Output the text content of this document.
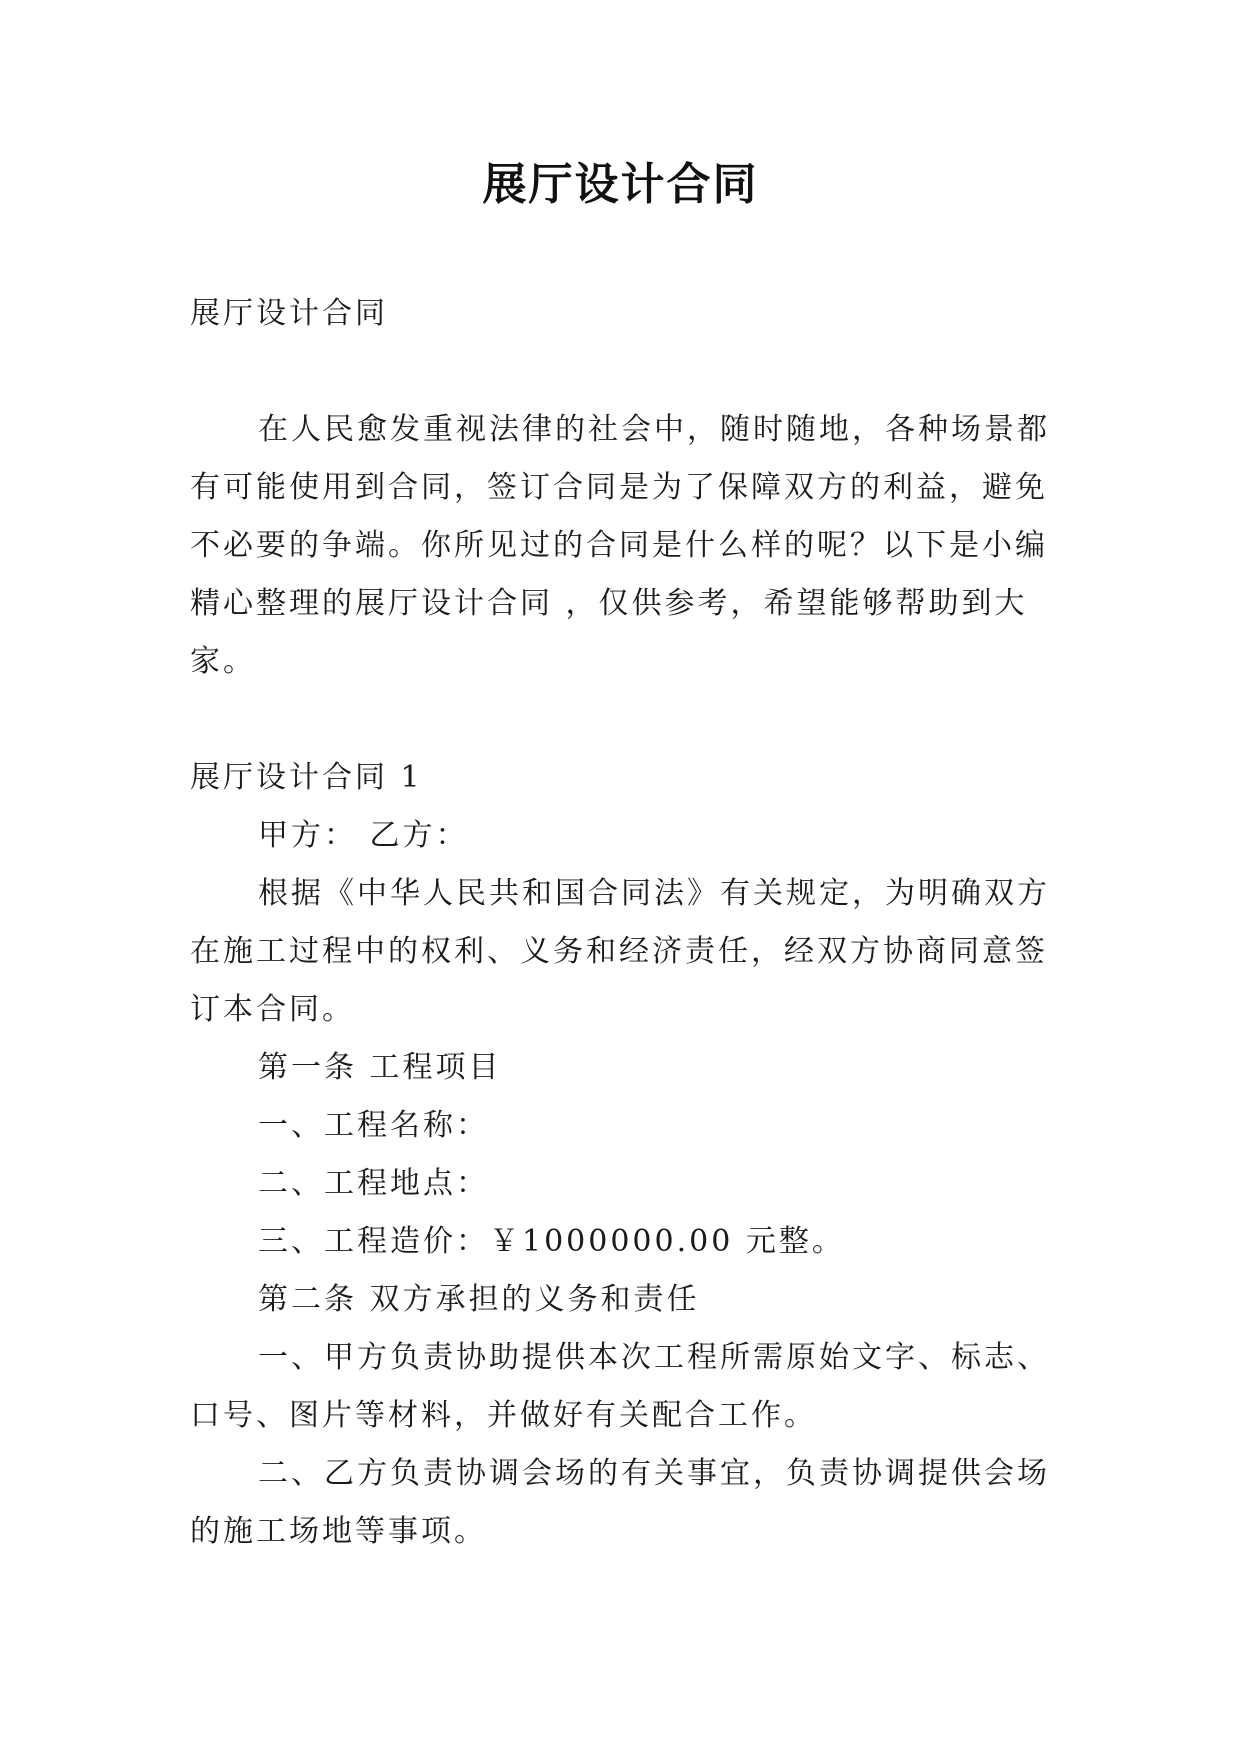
展厅设计合同
展厅设计合同
在人民愈发重视法律的社会中，随时随地，各种场景都
有可能使用到合同，签订合同是为了保障双方的利益，避免
不必要的争端。你所见过的合同是什么样的呢？以下是小编
精心整理的展厅设计合同 ，仅供参考，希望能够帮助到大
家。
展厅设计合同 1
甲方： 乙方：
根据《中华人民共和国合同法》有关规定，为明确双方
在施工过程中的权利、义务和经济责任，经双方协商同意签
订本合同。
第一条 工程项目
一、工程名称：
二、工程地点：
三、工程造价：￥1000000.00 元整。
第二条 双方承担的义务和责任
一、甲方负责协助提供本次工程所需原始文字、标志、
口号、图片等材料，并做好有关配合工作。
二、乙方负责协调会场的有关事宜，负责协调提供会场
的施工场地等事项。
